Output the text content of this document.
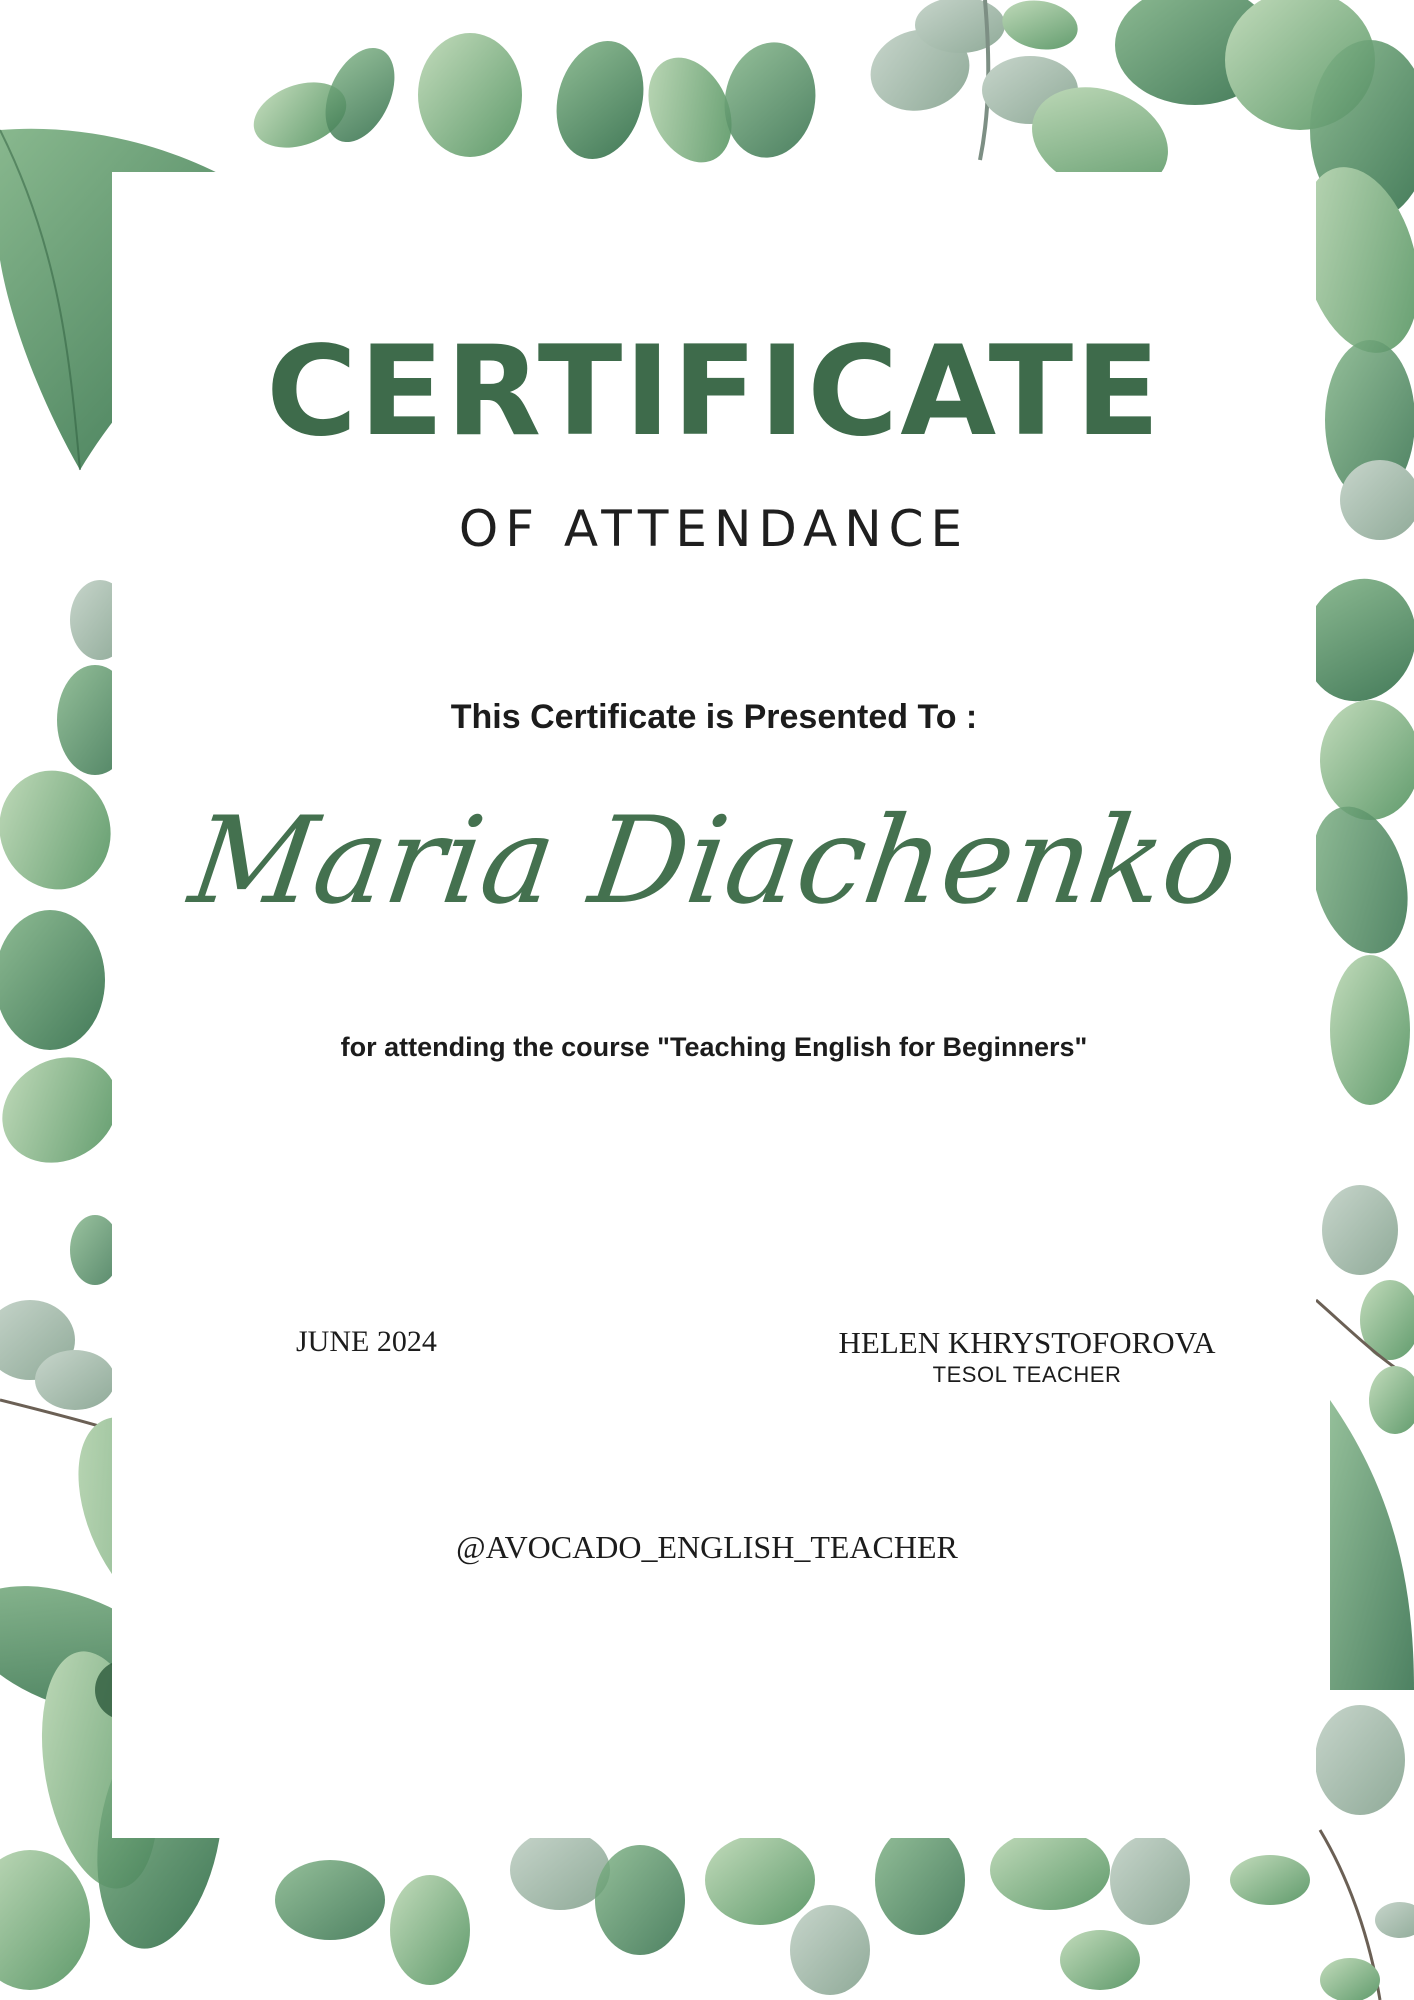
CERTIFICATE
OF ATTENDANCE
This Certificate is Presented To :
Maria Diachenko
for attending the course "Teaching English for Beginners"
JUNE 2024	HELEN KHRYSTOFOROVA
TESOL TEACHER
@AVOCADO_ENGLISH_TEACHER
